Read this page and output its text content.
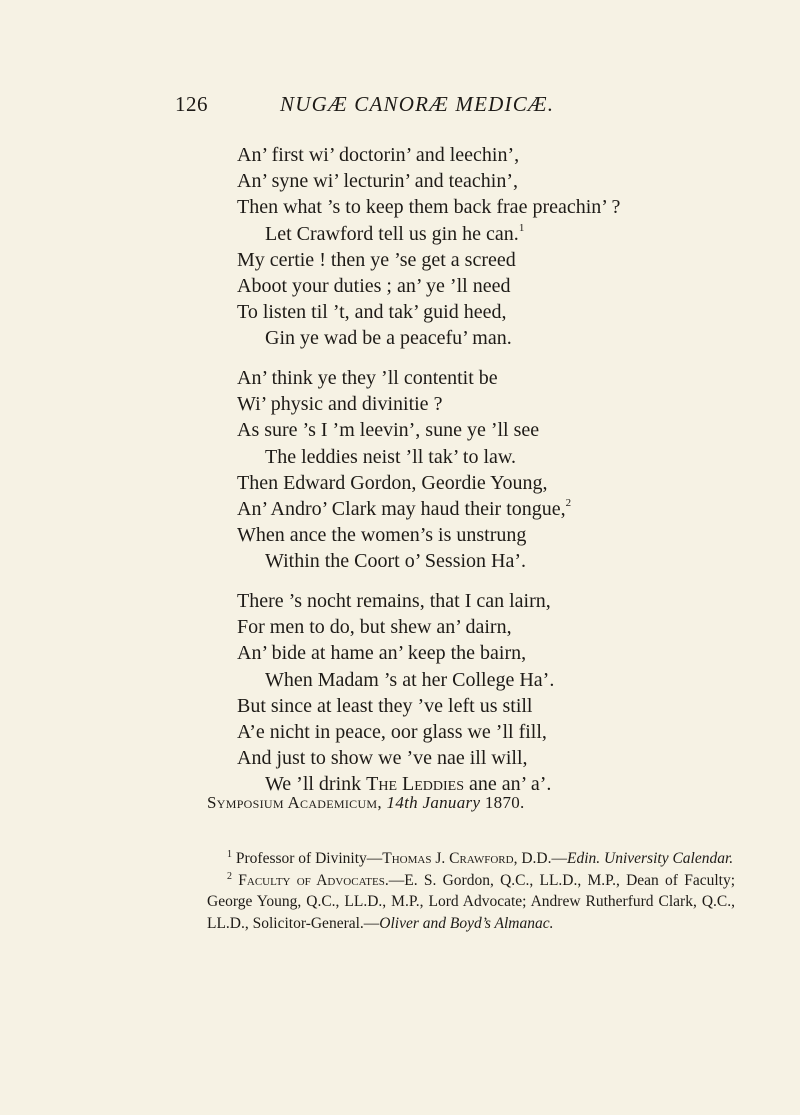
126	NUGÆ CANORÆ MEDICÆ.
An’ first wi’ doctorin’ and leechin’,
An’ syne wi’ lecturin’ and teachin’,
Then what ’s to keep them back frae preachin’ ?
Let Crawford tell us gin he can.$^1$
My certie ! then ye ’se get a screed
Aboot your duties ; an’ ye ’ll need
To listen til ’t, and tak’ guid heed,
Gin ye wad be a peacefu’ man.
An’ think ye they ’ll contentit be
Wi’ physic and divinitie ?
As sure ’s I ’m leevin’, sune ye ’ll see
The leddies neist ’ll tak’ to law.
Then Edward Gordon, Geordie Young,
An’ Andro’ Clark may haud their tongue,$^2$
When ance the women’s is unstrung
Within the Coort o’ Session Ha’.
There ’s nocht remains, that I can lairn,
For men to do, but shew an’ dairn,
An’ bide at hame an’ keep the bairn,
When Madam ’s at her College Ha’.
But since at least they ’ve left us still
A’e nicht in peace, oor glass we ’ll fill,
And just to show we ’ve nae ill will,
We ’ll drink The Leddies ane an’ a’.
Symposium Academicum, 14th January 1870.

$^1$ Professor of Divinity—Thomas J. Crawford, D.D.—Edin. University Calendar.

$^2$ Faculty of Advocates.—E. S. Gordon, Q.C., LL.D., M.P., Dean of Faculty; George Young, Q.C., LL.D., M.P., Lord Advocate; Andrew Rutherfurd Clark, Q.C., LL.D., Solicitor-General.—Oliver and Boyd’s Almanac.
